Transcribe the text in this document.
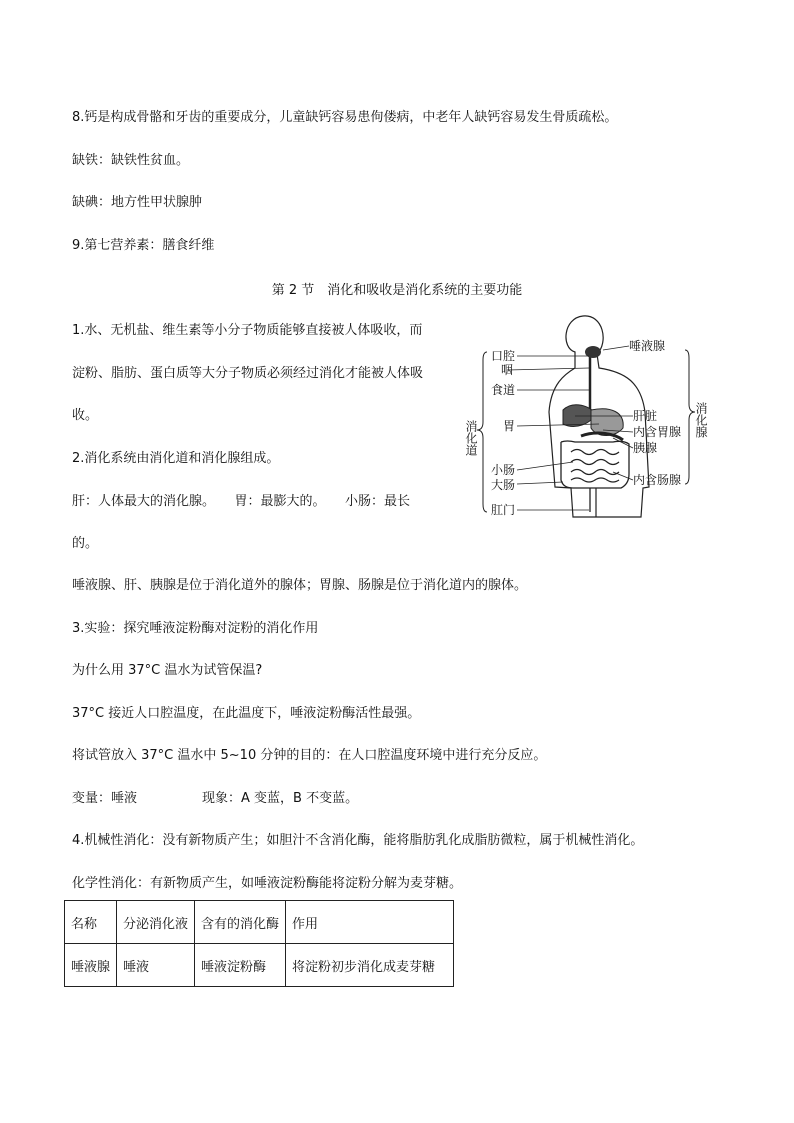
8.钙是构成骨骼和牙齿的重要成分，儿童缺钙容易患佝偻病，中老年人缺钙容易发生骨质疏松。
缺铁：缺铁性贫血。
缺碘：地方性甲状腺肿
9.第七营养素：膳食纤维
第 2 节　消化和吸收是消化系统的主要功能
1.水、无机盐、维生素等小分子物质能够直接被人体吸收，而
淀粉、脂肪、蛋白质等大分子物质必须经过消化才能被人体吸
收。
2.消化系统由消化道和消化腺组成。
肝：人体最大的消化腺。　　胃：最膨大的。　　小肠：最长
的。
唾液腺、肝、胰腺是位于消化道外的腺体；胃腺、肠腺是位于消化道内的腺体。
3.实验：探究唾液淀粉酶对淀粉的消化作用
为什么用 37°C 温水为试管保温?
37°C 接近人口腔温度，在此温度下，唾液淀粉酶活性最强。
将试管放入 37°C 温水中 5~10 分钟的目的：在人口腔温度环境中进行充分反应。
变量：唾液　　　　　现象：A 变蓝，B 不变蓝。
4.机械性消化：没有新物质产生；如胆汁不含消化酶，能将脂肪乳化成脂肪微粒，属于机械性消化。
化学性消化：有新物质产生，如唾液淀粉酶能将淀粉分解为麦芽糖。
消化道	消化腺
口腔
咽
食道
胃
小肠
大肠
肛门
唾液腺
肝脏
内含胃腺
胰腺
内含肠腺
名称	分泌消化液	含有的消化酶	作用
唾液腺	唾液	唾液淀粉酶	将淀粉初步消化成麦芽糖
